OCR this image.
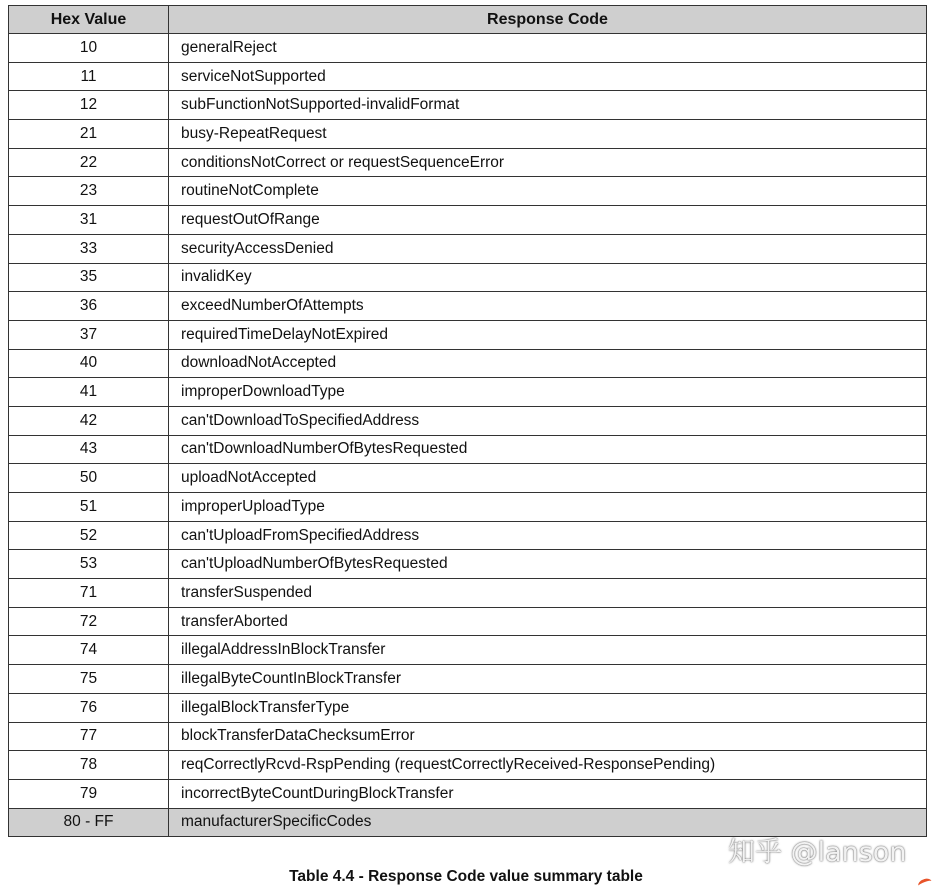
Hex Value	Response Code
10	generalReject
11	serviceNotSupported
12	subFunctionNotSupported-invalidFormat
21	busy-RepeatRequest
22	conditionsNotCorrect or requestSequenceError
23	routineNotComplete
31	requestOutOfRange
33	securityAccessDenied
35	invalidKey
36	exceedNumberOfAttempts
37	requiredTimeDelayNotExpired
40	downloadNotAccepted
41	improperDownloadType
42	can'tDownloadToSpecifiedAddress
43	can'tDownloadNumberOfBytesRequested
50	uploadNotAccepted
51	improperUploadType
52	can'tUploadFromSpecifiedAddress
53	can'tUploadNumberOfBytesRequested
71	transferSuspended
72	transferAborted
74	illegalAddressInBlockTransfer
75	illegalByteCountInBlockTransfer
76	illegalBlockTransferType
77	blockTransferDataChecksumError
78	reqCorrectlyRcvd-RspPending (requestCorrectlyReceived-ResponsePending)
79	incorrectByteCountDuringBlockTransfer
80 - FF	manufacturerSpecificCodes
Table 4.4 - Response Code value summary table
知乎 @lanson
